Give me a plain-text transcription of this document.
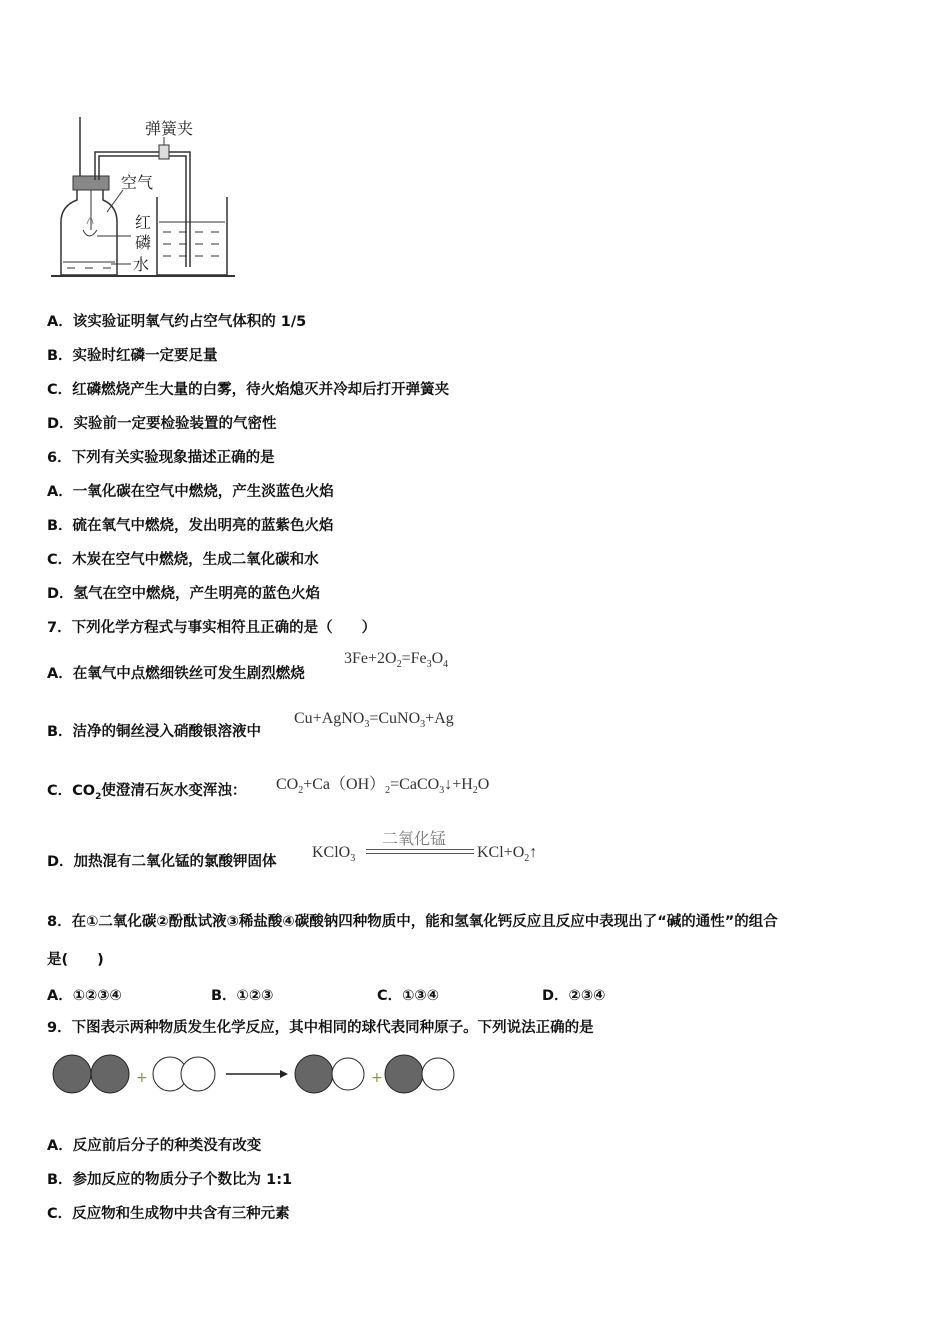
弹簧夹
空气
红
磷
水
A．该实验证明氧气约占空气体积的 1/5
B．实验时红磷一定要足量
C．红磷燃烧产生大量的白雾，待火焰熄灭并冷却后打开弹簧夹
D．实验前一定要检验装置的气密性
6．下列有关实验现象描述正确的是
A．一氧化碳在空气中燃烧，产生淡蓝色火焰
B．硫在氧气中燃烧，发出明亮的蓝紫色火焰
C．木炭在空气中燃烧，生成二氧化碳和水
D．氢气在空中燃烧，产生明亮的蓝色火焰
7．下列化学方程式与事实相符且正确的是（　　）
A．在氧气中点燃细铁丝可发生剧烈燃烧
$3Fe+2O_2=Fe_3O_4$
B．洁净的铜丝浸入硝酸银溶液中
Cu+AgNO$_3$=CuNO$_3$+Ag
C．$CO_2$使澄清石灰水变浑浊： $CO_2+Ca(OH)_2=CaCO_3↓+H_2O$
D．加热混有二氧化锰的氯酸钾固体
KClO$_3$
二氧化锰
$KCl+O_2↑$
8．在①二氧化碳②酚酞试液③稀盐酸④碳酸钠四种物质中，能和氢氧化钙反应且反应中表现出了“碱的通性”的组合
是(　　)
A．①②③④	B．①②③	C．①③④	D．②③④
9．下图表示两种物质发生化学反应，其中相同的球代表同种原子。下列说法正确的是
+	+
A．反应前后分子的种类没有改变
B．参加反应的物质分子个数比为 1:1
C．反应物和生成物中共含有三种元素
